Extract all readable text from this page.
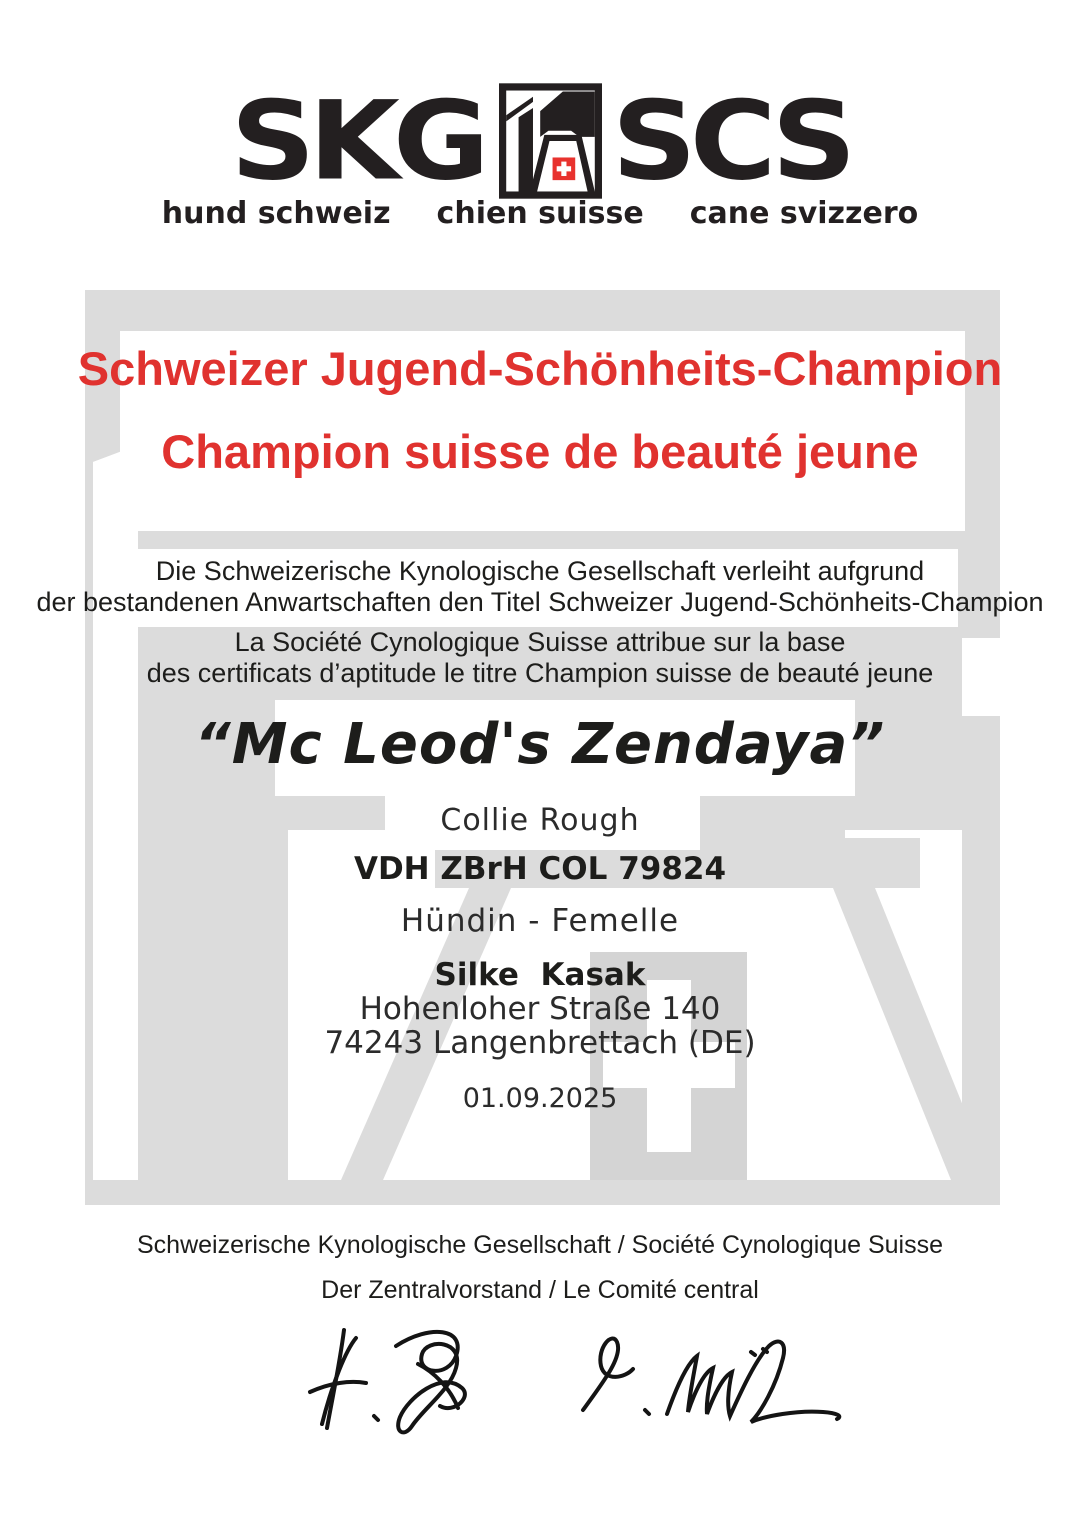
SKG SCS
hund schweiz chien suisse cane svizzero
Schweizer Jugend-Schönheits-Champion
Champion suisse de beauté jeune
Die Schweizerische Kynologische Gesellschaft verleiht aufgrund
der bestandenen Anwartschaften den Titel Schweizer Jugend-Schönheits-Champion
La Société Cynologique Suisse attribue sur la base
des certificats d’aptitude le titre Champion suisse de beauté jeune
“Mc Leod's Zendaya”
Collie Rough
VDH ZBrH COL 79824
Hündin - Femelle
Silke  Kasak
Hohenloher Straße 140
74243 Langenbrettach (DE)
01.09.2025
Schweizerische Kynologische Gesellschaft / Société Cynologique Suisse
Der Zentralvorstand / Le Comité central
